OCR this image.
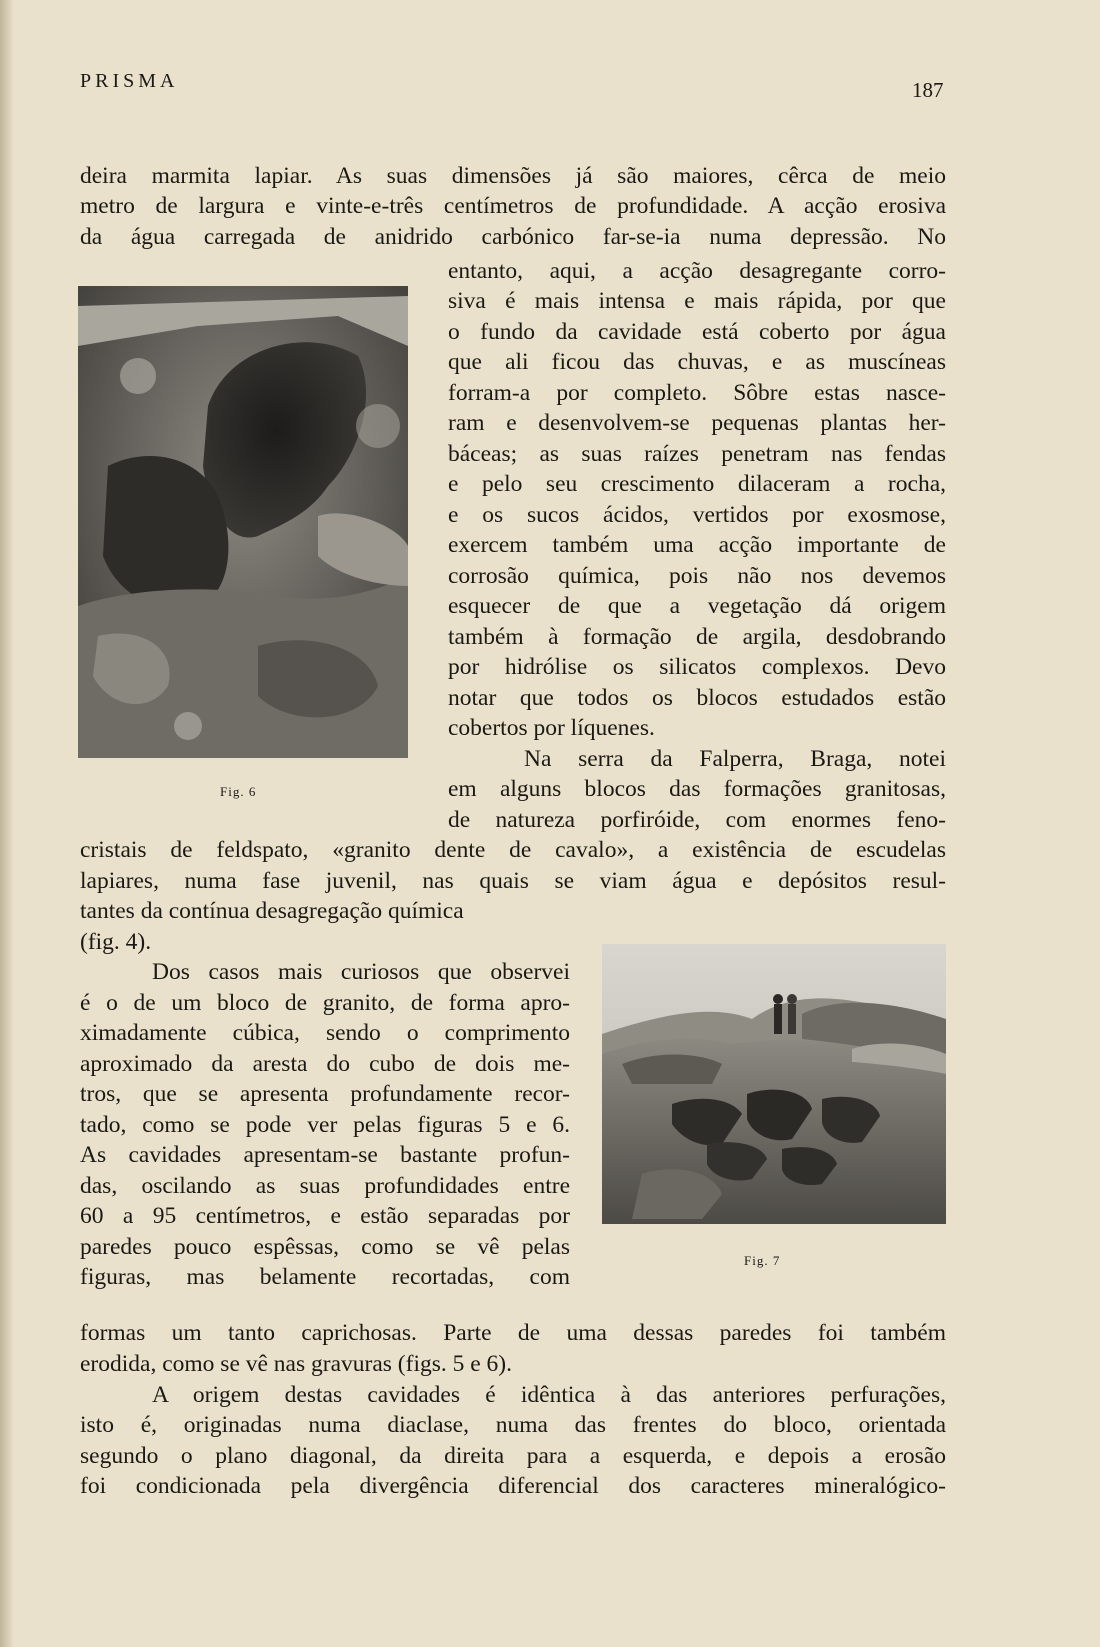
PRISMA	187
deira marmita lapiar. As suas dimensões já são maiores, cêrca de meio
metro de largura e vinte-e-três centímetros de profundidade. A acção erosiva
da água carregada de anidrido carbónico far-se-ia numa depressão. No
Fig. 6
entanto, aqui, a acção desagregante corro-
siva é mais intensa e mais rápida, por que
o fundo da cavidade está coberto por água
que ali ficou das chuvas, e as muscíneas
forram-a por completo. Sôbre estas nasce-
ram e desenvolvem-se pequenas plantas her-
báceas; as suas raízes penetram nas fendas
e pelo seu crescimento dilaceram a rocha,
e os sucos ácidos, vertidos por exosmose,
exercem também uma acção importante de
corrosão química, pois não nos devemos
esquecer de que a vegetação dá origem
também à formação de argila, desdobrando
por hidrólise os silicatos complexos. Devo
notar que todos os blocos estudados estão
cobertos por líquenes.
Na serra da Falperra, Braga, notei
em alguns blocos das formações granitosas,
de natureza porfiróide, com enormes feno-
cristais de feldspato, «granito dente de cavalo», a existência de escudelas
lapiares, numa fase juvenil, nas quais se viam água e depósitos resul-
Fig. 7
tantes da contínua desagregação química
(fig. 4).
Dos casos mais curiosos que observei
é o de um bloco de granito, de forma apro-
ximadamente cúbica, sendo o comprimento
aproximado da aresta do cubo de dois me-
tros, que se apresenta profundamente recor-
tado, como se pode ver pelas figuras 5 e 6.
As cavidades apresentam-se bastante profun-
das, oscilando as suas profundidades entre
60 a 95 centímetros, e estão separadas por
paredes pouco espêssas, como se vê pelas
figuras, mas belamente recortadas, com
formas um tanto caprichosas. Parte de uma dessas paredes foi também
erodida, como se vê nas gravuras (figs. 5 e 6).
A origem destas cavidades é idêntica à das anteriores perfurações,
isto é, originadas numa diaclase, numa das frentes do bloco, orientada
segundo o plano diagonal, da direita para a esquerda, e depois a erosão
foi condicionada pela divergência diferencial dos caracteres mineralógico-
